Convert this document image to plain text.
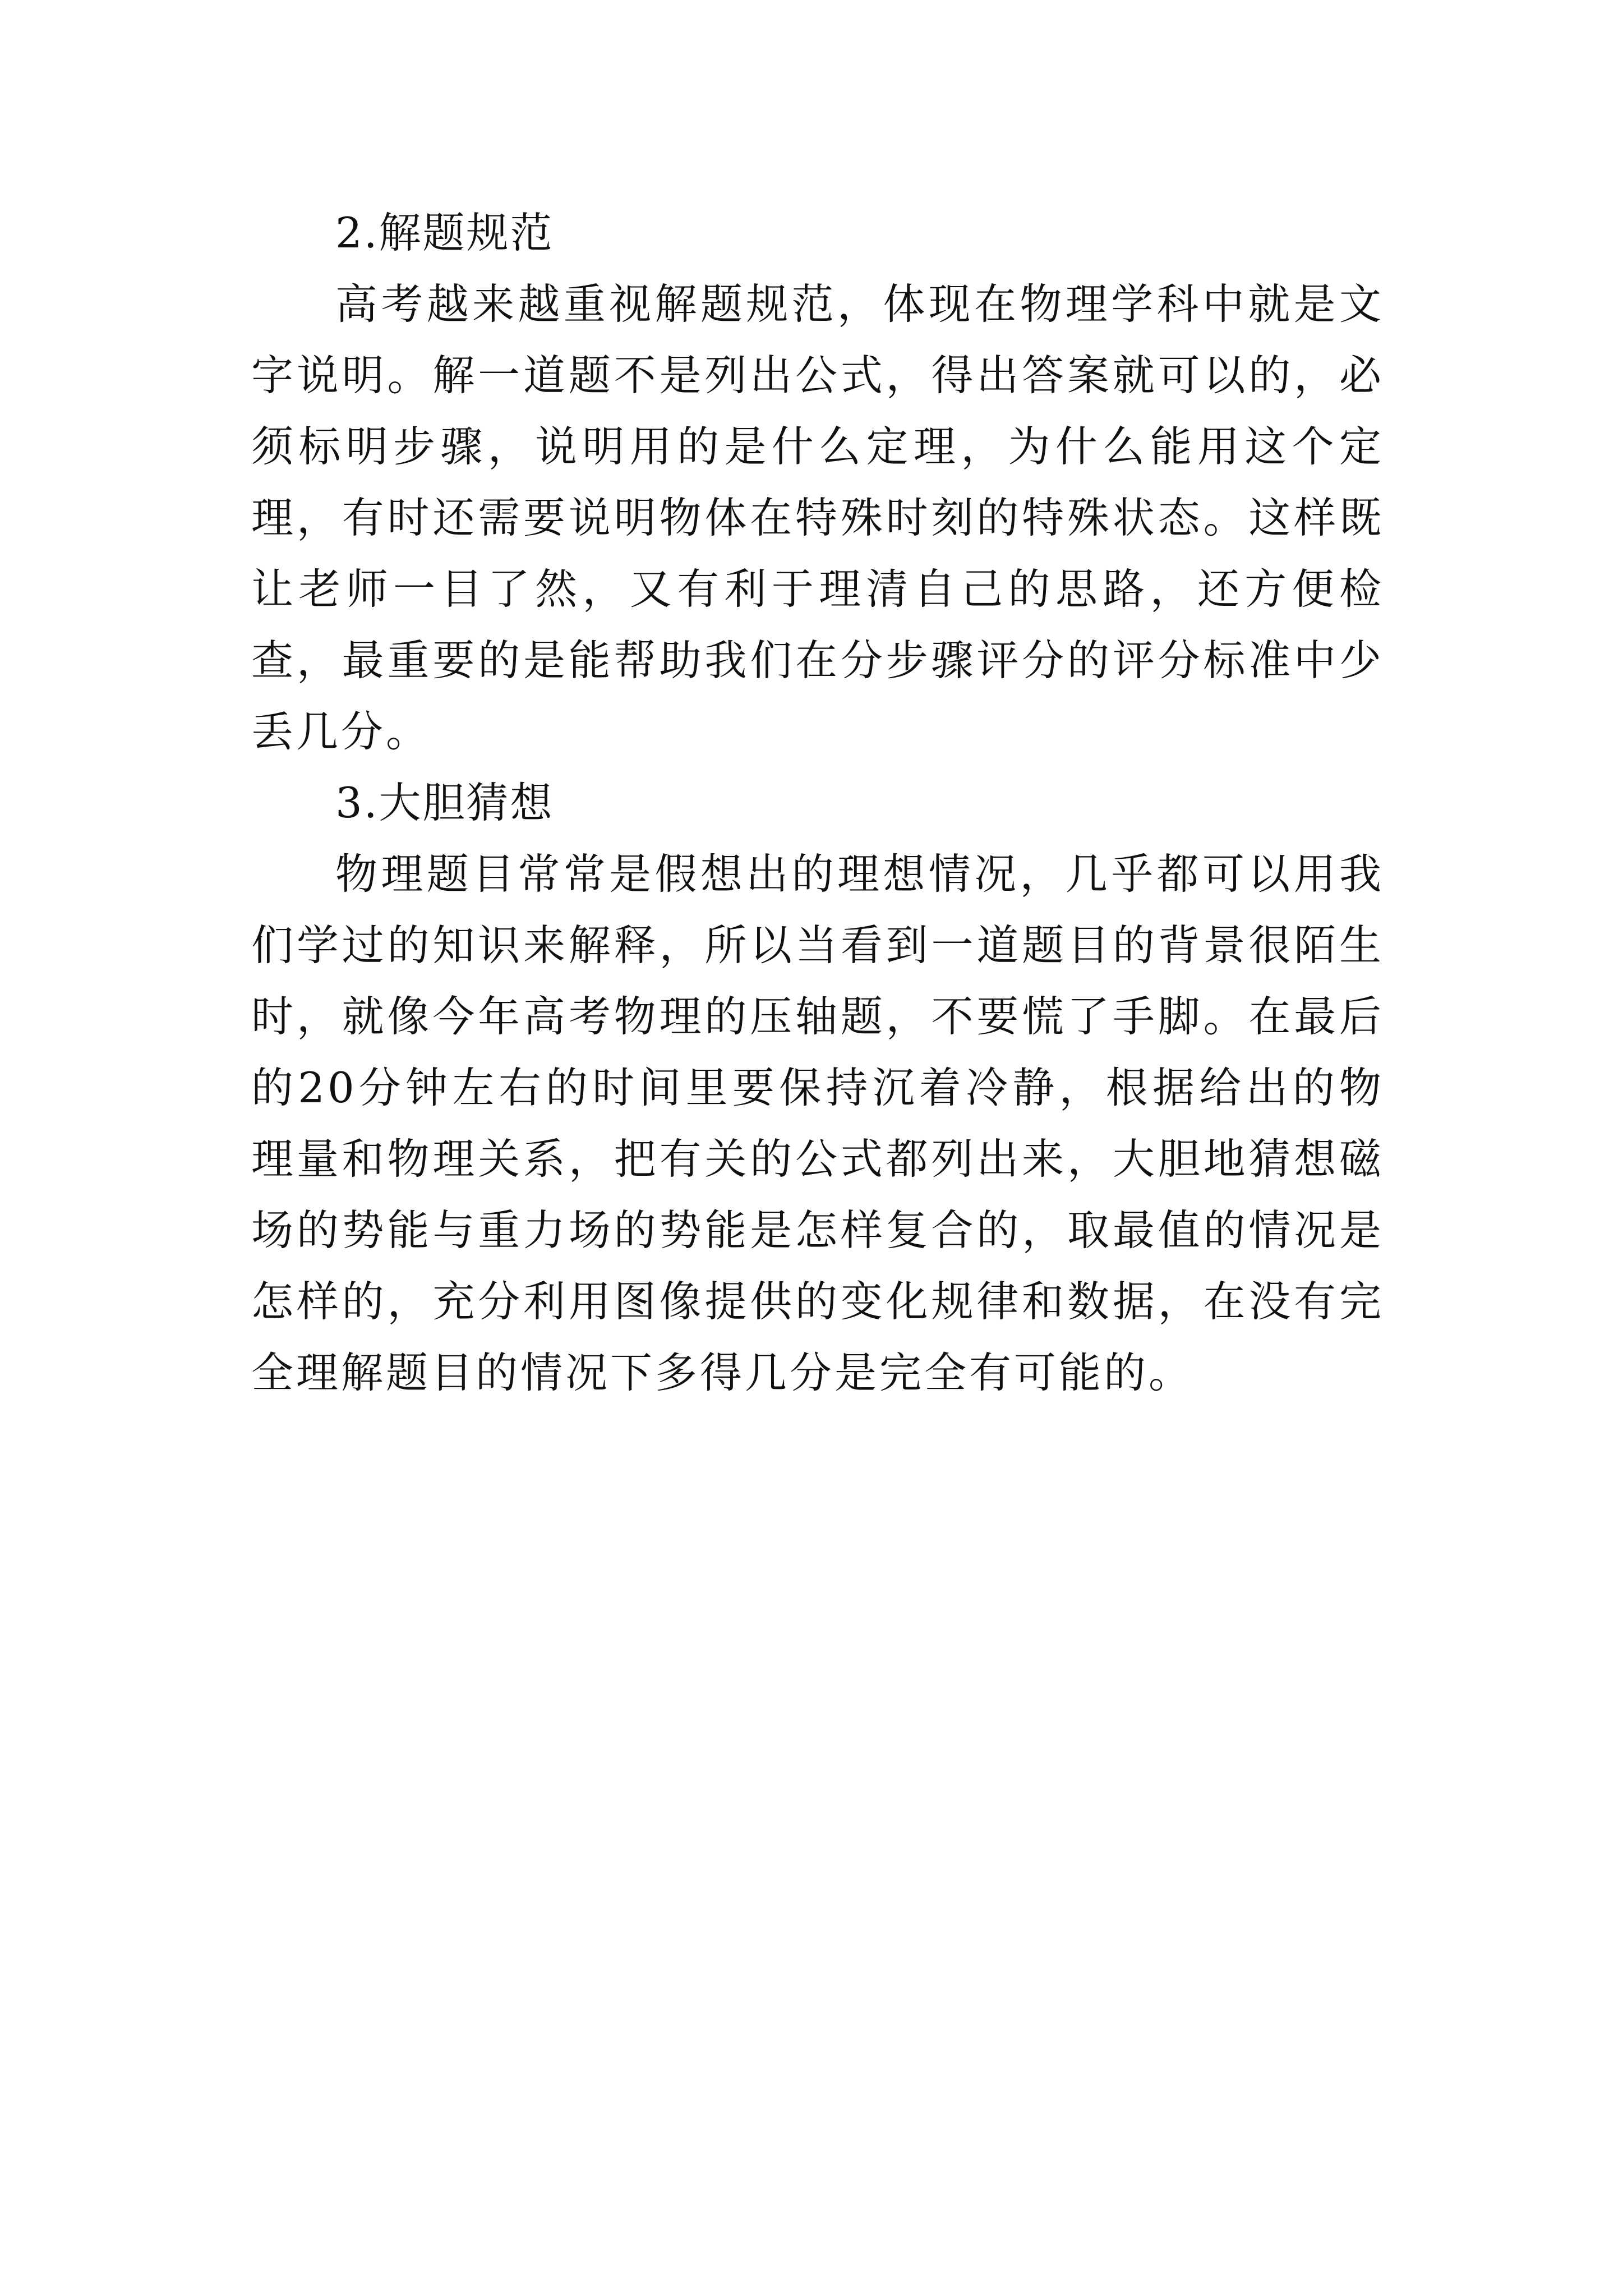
2.解题规范

高考越来越重视解题规范，体现在物理学科中就是文字说明。解一道题不是列出公式，得出答案就可以的，必须标明步骤，说明用的是什么定理，为什么能用这个定理，有时还需要说明物体在特殊时刻的特殊状态。这样既让老师一目了然，又有利于理清自己的思路，还方便检查，最重要的是能帮助我们在分步骤评分的评分标准中少丢几分。

3.大胆猜想

物理题目常常是假想出的理想情况，几乎都可以用我们学过的知识来解释，所以当看到一道题目的背景很陌生时，就像今年高考物理的压轴题，不要慌了手脚。在最后的20分钟左右的时间里要保持沉着冷静，根据给出的物理量和物理关系，把有关的公式都列出来，大胆地猜想磁场的势能与重力场的势能是怎样复合的，取最值的情况是怎样的，充分利用图像提供的变化规律和数据，在没有完全理解题目的情况下多得几分是完全有可能的。
